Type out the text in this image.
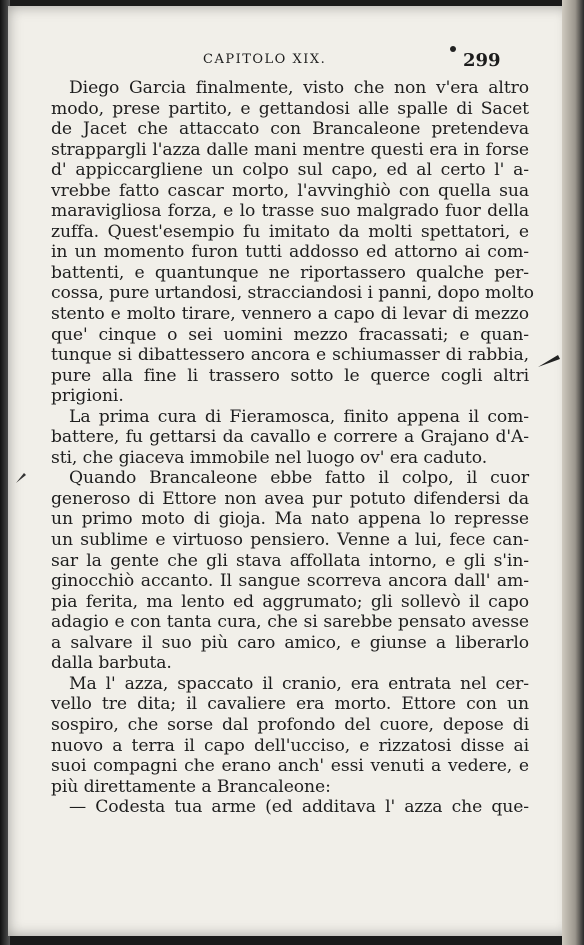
CAPITOLO XIX.	299

Diego Garcia finalmente, visto che non v'era altro
modo, prese partito, e gettandosi alle spalle di Sacet
de Jacet che attaccato con Brancaleone pretendeva
strappargli l'azza dalle mani mentre questi era in forse
d' appiccargliene un colpo sul capo, ed al certo l' a-
vrebbe fatto cascar morto, l'avvinghiò con quella sua
maravigliosa forza, e lo trasse suo malgrado fuor della
zuffa. Quest'esempio fu imitato da molti spettatori, e
in un momento furon tutti addosso ed attorno ai com-
battenti, e quantunque ne riportassero qualche per-
cossa, pure urtandosi, stracciandosi i panni, dopo molto
stento e molto tirare, vennero a capo di levar di mezzo
que' cinque o sei uomini mezzo fracassati; e quan-
tunque si dibattessero ancora e schiumasser di rabbia,
pure alla fine li trassero sotto le querce cogli altri
prigioni.

La prima cura di Fieramosca, finito appena il com-
battere, fu gettarsi da cavallo e correre a Grajano d'A-
sti, che giaceva immobile nel luogo ov' era caduto.

Quando Brancaleone ebbe fatto il colpo, il cuor
generoso di Ettore non avea pur potuto difendersi da
un primo moto di gioja. Ma nato appena lo represse
un sublime e virtuoso pensiero. Venne a lui, fece can-
sar la gente che gli stava affollata intorno, e gli s'in-
ginocchiò accanto. Il sangue scorreva ancora dall' am-
pia ferita, ma lento ed aggrumato; gli sollevò il capo
adagio e con tanta cura, che si sarebbe pensato avesse
a salvare il suo più caro amico, e giunse a liberarlo
dalla barbuta.

Ma l' azza, spaccato il cranio, era entrata nel cer-
vello tre dita; il cavaliere era morto. Ettore con un
sospiro, che sorse dal profondo del cuore, depose di
nuovo a terra il capo dell'ucciso, e rizzatosi disse ai
suoi compagni che erano anch' essi venuti a vedere, e
più direttamente a Brancaleone:

— Codesta tua arme (ed additava l' azza che que-
